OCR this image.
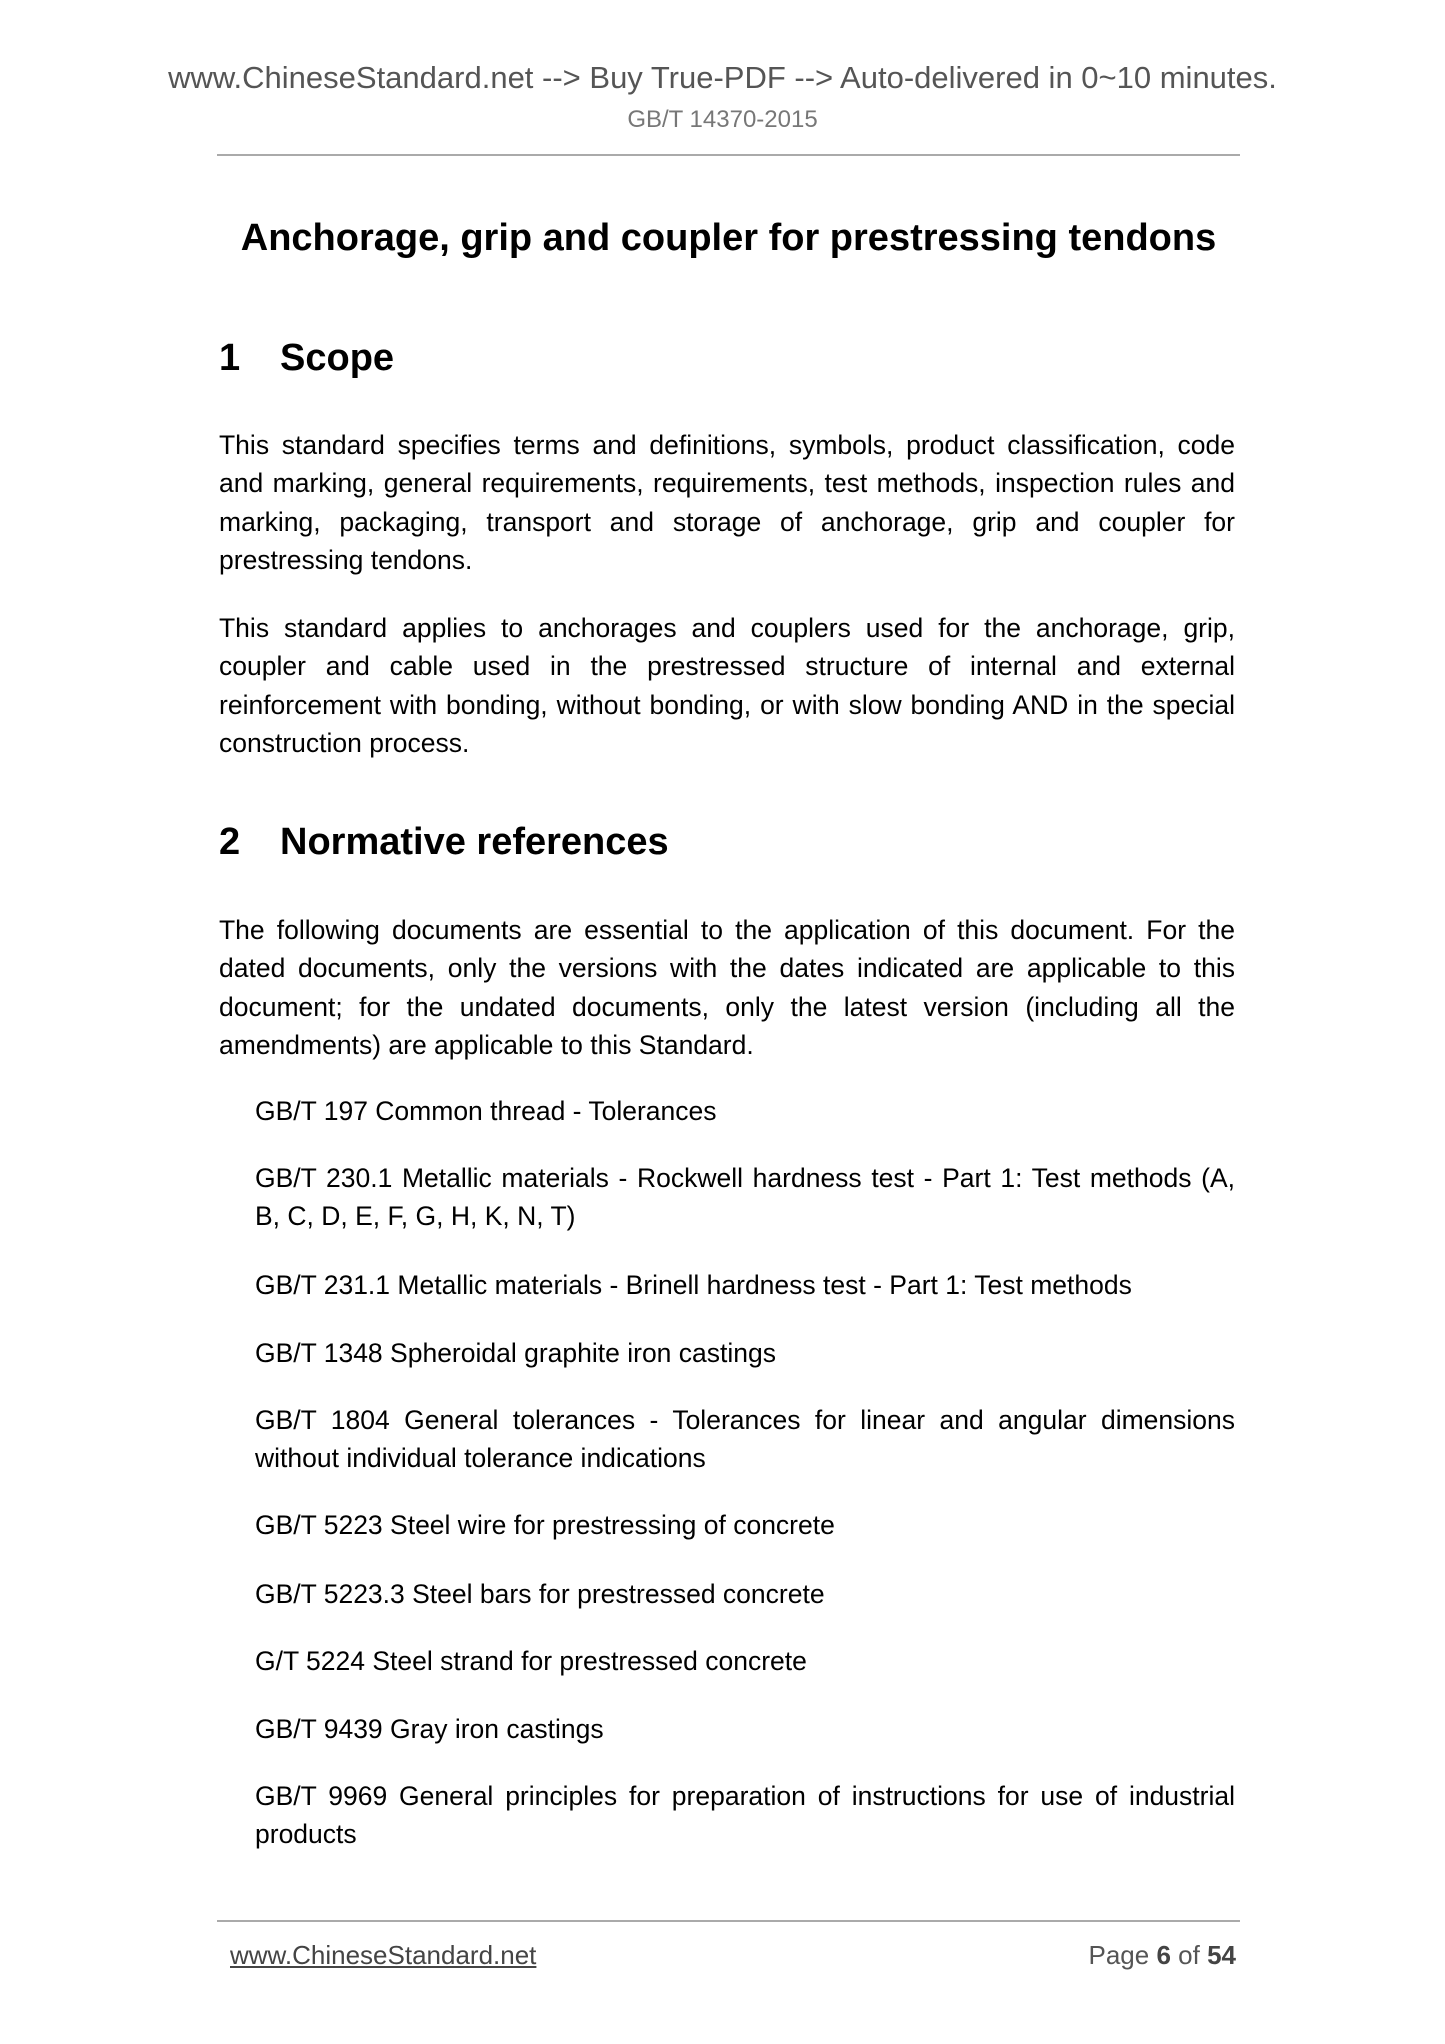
www.ChineseStandard.net --> Buy True-PDF --> Auto-delivered in 0~10 minutes.
GB/T 14370-2015
Anchorage, grip and coupler for prestressing tendons
1 Scope
This standard specifies terms and definitions, symbols, product classification, code and marking, general requirements, requirements, test methods, inspection rules and marking, packaging, transport and storage of anchorage, grip and coupler for prestressing tendons.
This standard applies to anchorages and couplers used for the anchorage, grip, coupler and cable used in the prestressed structure of internal and external reinforcement with bonding, without bonding, or with slow bonding AND in the special construction process.
2 Normative references
The following documents are essential to the application of this document. For the dated documents, only the versions with the dates indicated are applicable to this document; for the undated documents, only the latest version (including all the amendments) are applicable to this Standard.
GB/T 197 Common thread - Tolerances
GB/T 230.1 Metallic materials - Rockwell hardness test - Part 1: Test methods (A, B, C, D, E, F, G, H, K, N, T)
GB/T 231.1 Metallic materials - Brinell hardness test - Part 1: Test methods
GB/T 1348 Spheroidal graphite iron castings
GB/T 1804 General tolerances - Tolerances for linear and angular dimensions without individual tolerance indications
GB/T 5223 Steel wire for prestressing of concrete
GB/T 5223.3 Steel bars for prestressed concrete
G/T 5224 Steel strand for prestressed concrete
GB/T 9439 Gray iron castings
GB/T 9969 General principles for preparation of instructions for use of industrial products
www.ChineseStandard.net	Page 6 of 54
